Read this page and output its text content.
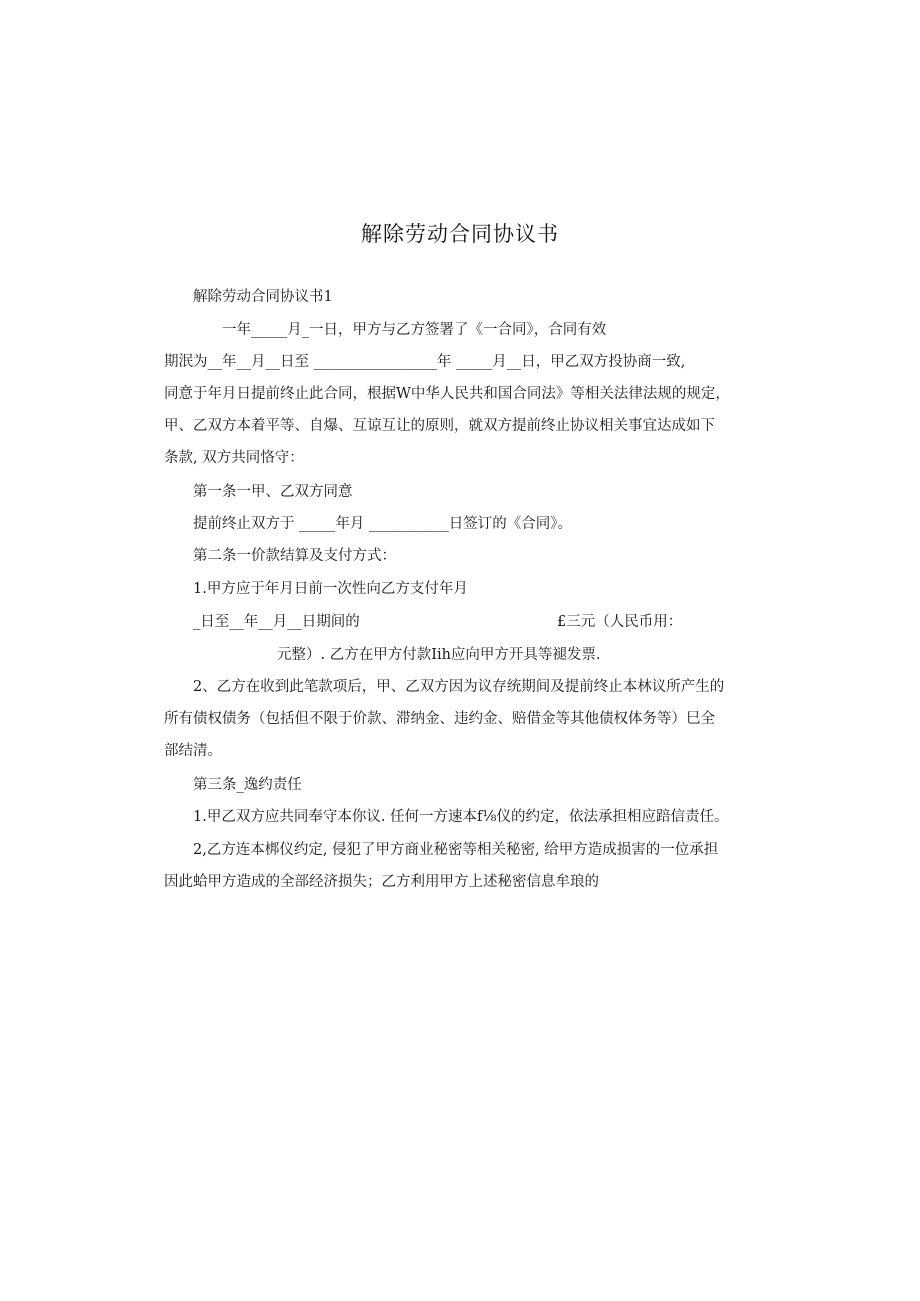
解除劳动合同协议书
解除劳动合同协议书1
一年_____月_一日，甲方与乙方签署了《一合同》，合同有效
期泯为__年__月__日至 _________________年 _____月__日，甲乙双方投协商一致,
同意于年月日提前终止此合同，根据W中华人民共和国合同法》等相关法律法规的规定，
甲、乙双方本着平等、自爆、互谅互让的原则，就双方提前终止协议相关事宜达成如下
条款, 双方共同恪守：
第一条一甲、乙双方同意
提前终止双方于 _____年月 ___________日签订的《合同》。
第二条一价款结算及支付方式：
1.甲方应于年月日前一次性向乙方支付年月
_日至__年__月__日期间的	£三元（人民币用：
元整）. 乙方在甲方付款Iih应向甲方开具等褪发票.
2、乙方在收到此笔款项后，甲、乙双方因为议存统期间及提前终止本林议所产生的
所有债权债务（包括但不限于价款、滞纳金、违约金、赔借金等其他债权体务等）巳全
部结清。
第三条_逸约责任
1.甲乙双方应共同奉守本你议. 任何一方速本f⅛仪的约定，依法承担相应踣信责任。
2,乙方连本梆仪约定, 侵犯了甲方商业秘密等相关秘密, 给甲方造成损害的一位承担
因此蛤甲方造成的全部经济损失；乙方利用甲方上述秘密信息牟琅的
